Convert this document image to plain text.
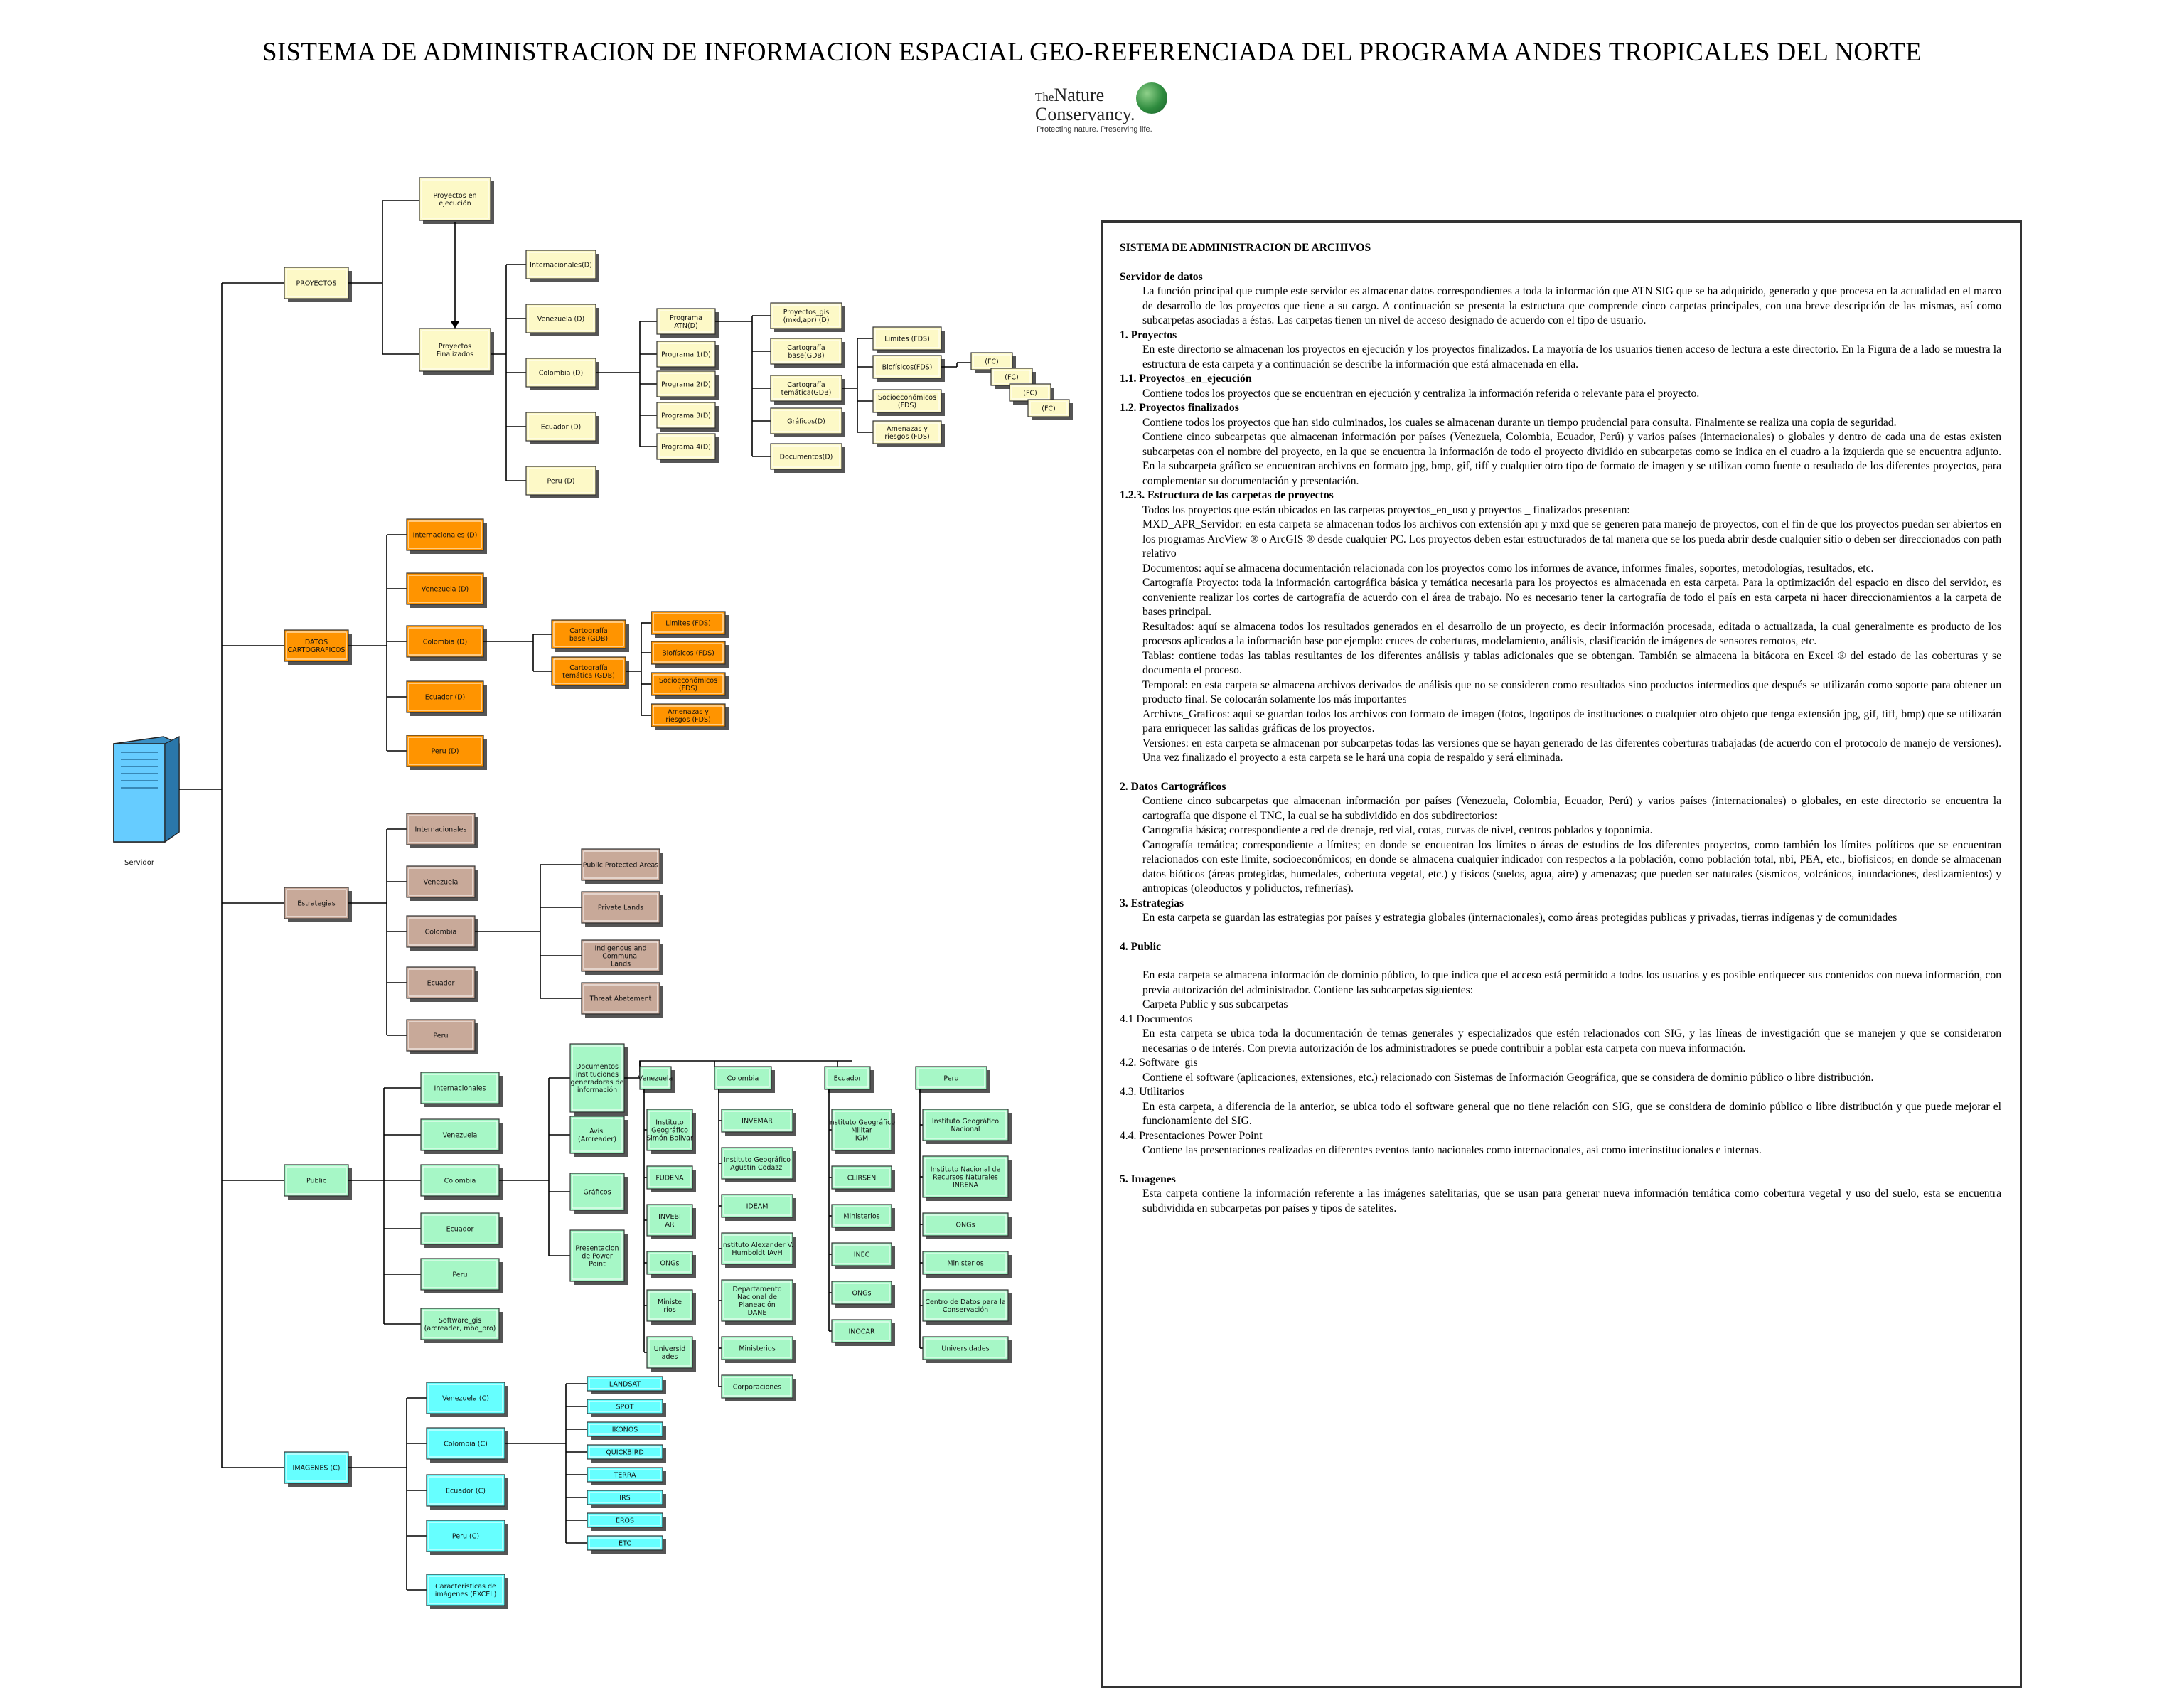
SISTEMA DE ADMINISTRACION DE INFORMACION ESPACIAL GEO-REFERENCIADA DEL PROGRAMA ANDES TROPICALES DEL NORTE
TheNature
Conservancy.
Protecting nature. Preserving life.
Servidor
PROYECTOS
DATOS
CARTOGRAFICOS
Estrategias
Public
IMAGENES (C)
Proyectos en
ejecución
Proyectos
Finalizados
Internacionales(D)
Venezuela (D)
Colombia (D)
Ecuador (D)
Peru (D)
Programa
ATN(D)
Programa 1(D)
Programa 2(D)
Programa 3(D)
Programa 4(D)
Proyectos_gis
(mxd,apr) (D)
Cartografía
base(GDB)
Cartografía
temática(GDB)
Gráficos(D)
Documentos(D)
Limites (FDS)
Biofísicos(FDS)
Socioeconómicos
(FDS)
Amenazas y
riesgos (FDS)
(FC)
(FC)
(FC)
(FC)
Internacionales (D)
Venezuela (D)
Colombia (D)
Ecuador (D)
Peru (D)
Cartografía
base (GDB)
Cartografía
temática (GDB)
Limites (FDS)
Biofísicos (FDS)
Socioeconómicos
(FDS)
Amenazas y
riesgos (FDS)
Internacionales
Venezuela
Colombia
Ecuador
Peru
Public Protected Areas
Private Lands
Indigenous and
Communal
Lands
Threat Abatement
Internacionales
Venezuela
Colombia
Ecuador
Peru
Software_gis
(arcreader, mbo_pro)
Documentos
instituciones
generadoras de
información
Avisi
(Arcreader)
Gráficos
Presentacion
de Power
Point
Venezuela
Instituto
Geográfico
Simón Bolivar
FUDENA
INVEBI
AR
ONGs
Ministe
rios
Universid
ades
Colombia
INVEMAR
Instituto Geográfico
Agustín Codazzi
IDEAM
Instituto Alexander V.
Humboldt IAvH
Departamento
Nacional de
Planeación
DANE
Ministerios
Corporaciones
Ecuador
Instituto Geográfico
Militar
IGM
CLIRSEN
Ministerios
INEC
ONGs
INOCAR
Peru
Instituto Geográfico
Nacional
Instituto Nacional de
Recursos Naturales
INRENA
ONGs
Ministerios
Centro de Datos para la
Conservación
Universidades
Venezuela (C)
Colombia (C)
Ecuador (C)
Peru (C)
Caracteristicas de
imágenes (EXCEL)
LANDSAT
SPOT
IKONOS
QUICKBIRD
TERRA
IRS
EROS
ETC

SISTEMA DE ADMINISTRACION DE ARCHIVOS

Servidor de datos

La función principal que cumple este servidor es almacenar datos correspondientes a toda la información que ATN SIG que se ha adquirido, generado y que procesa en la actualidad en el marco de desarrollo de los proyectos que tiene a su cargo. A continuación se presenta la estructura que comprende cinco carpetas principales, con una breve descripción de las mismas, así como subcarpetas asociadas a éstas. Las carpetas tienen un nivel de acceso designado de acuerdo con el tipo de usuario.

1. Proyectos

En este directorio se almacenan los proyectos en ejecución y los proyectos finalizados. La mayoría de los usuarios tienen acceso de lectura a este directorio. En la Figura de a lado se muestra la estructura de esta carpeta y a continuación se describe la información que está almacenada en ella.

1.1. Proyectos_en_ejecución

Contiene todos los proyectos que se encuentran en ejecución y centraliza la información referida o relevante para el proyecto.

1.2. Proyectos finalizados

Contiene todos los proyectos que han sido culminados, los cuales se almacenan durante un tiempo prudencial para consulta. Finalmente se realiza una copia de seguridad.

Contiene cinco subcarpetas que almacenan información por países (Venezuela, Colombia, Ecuador, Perú) y varios países (internacionales) o globales y dentro de cada una de estas existen subcarpetas con el nombre del proyecto, en la que se encuentra la información de todo el proyecto dividido en subcarpetas como se indica en el cuadro a la izquierda que se encuentra adjunto. En la subcarpeta gráfico se encuentran archivos en formato jpg, bmp, gif, tiff y cualquier otro tipo de formato de imagen y se utilizan como fuente o resultado de los diferentes proyectos, para complementar su documentación y presentación.

1.2.3. Estructura de las carpetas de proyectos

Todos los proyectos que están ubicados en las carpetas proyectos_en_uso y proyectos _ finalizados presentan:

MXD_APR_Servidor: en esta carpeta se almacenan todos los archivos con extensión apr y mxd que se generen para manejo de proyectos, con el fin de que los proyectos puedan ser abiertos en los programas ArcView ® o ArcGIS ® desde cualquier PC. Los proyectos deben estar estructurados de tal manera que se los pueda abrir desde cualquier sitio o deben ser direccionados con path relativo

Documentos: aquí se almacena documentación relacionada con los proyectos como los informes de avance, informes finales, soportes, metodologías, resultados, etc.

Cartografía Proyecto: toda la información cartográfica básica y temática necesaria para los proyectos es almacenada en esta carpeta. Para la optimización del espacio en disco del servidor, es conveniente realizar los cortes de cartografía de acuerdo con el área de trabajo. No es necesario tener la cartografía de todo el país en esta carpeta ni hacer direccionamientos a la carpeta de bases principal.

Resultados: aquí se almacena todos los resultados generados en el desarrollo de un proyecto, es decir información procesada, editada o actualizada, la cual generalmente es producto de los procesos aplicados a la información base por ejemplo: cruces de coberturas, modelamiento, análisis, clasificación de imágenes de sensores remotos, etc.

Tablas: contiene todas las tablas resultantes de los diferentes análisis y tablas adicionales que se obtengan. También se almacena la bitácora en Excel ® del estado de las coberturas y se documenta el proceso.

Temporal: en esta carpeta se almacena archivos derivados de análisis que no se consideren como resultados sino productos intermedios que después se utilizarán como soporte para obtener un producto final. Se colocarán solamente los más importantes

Archivos_Graficos: aquí se guardan todos los archivos con formato de imagen (fotos, logotipos de instituciones o cualquier otro objeto que tenga extensión jpg, gif, tiff, bmp) que se utilizarán para enriquecer las salidas gráficas de los proyectos.

Versiones: en esta carpeta se almacenan por subcarpetas todas las versiones que se hayan generado de las diferentes coberturas trabajadas (de acuerdo con el protocolo de manejo de versiones). Una vez finalizado el proyecto a esta carpeta se le hará una copia de respaldo y será eliminada.

2. Datos Cartográficos

Contiene cinco subcarpetas que almacenan información por países (Venezuela, Colombia, Ecuador, Perú) y varios países (internacionales) o globales, en este directorio se encuentra la cartografía que dispone el TNC, la cual se ha subdividido en dos subdirectorios:

Cartografía básica; correspondiente a red de drenaje, red vial, cotas, curvas de nivel, centros poblados y toponimia.

Cartografía temática; correspondiente a límites; en donde se encuentran los límites o áreas de estudios de los diferentes proyectos, como también los límites políticos que se encuentran relacionados con este límite, socioeconómicos; en donde se almacena cualquier indicador con respectos a la población, como población total, nbi, PEA, etc., biofísicos; en donde se almacenan datos bióticos (áreas protegidas, humedales, cobertura vegetal, etc.) y físicos (suelos, agua, aire) y amenazas; que pueden ser naturales (sísmicos, volcánicos, inundaciones, deslizamientos) y antropicas (oleoductos y poliductos, refinerías).

3. Estrategias

En esta carpeta se guardan las estrategias por países y estrategia globales (internacionales), como áreas protegidas publicas y privadas, tierras indígenas y de comunidades

4. Public

En esta carpeta se almacena información de dominio público, lo que indica que el acceso está permitido a todos los usuarios y es posible enriquecer sus contenidos con nueva información, con previa autorización del administrador. Contiene las subcarpetas siguientes:

Carpeta Public y sus subcarpetas

4.1 Documentos

En esta carpeta se ubica toda la documentación de temas generales y especializados que estén relacionados con SIG, y las líneas de investigación que se manejen y que se consideraron necesarias o de interés. Con previa autorización de los administradores se puede contribuir a poblar esta carpeta con nueva información.

4.2. Software_gis

Contiene el software (aplicaciones, extensiones, etc.) relacionado con Sistemas de Información Geográfica, que se considera de dominio público o libre distribución.

4.3. Utilitarios

En esta carpeta, a diferencia de la anterior, se ubica todo el software general que no tiene relación con SIG, que se considera de dominio público o libre distribución y que puede mejorar el funcionamiento del SIG.

4.4. Presentaciones Power Point

Contiene las presentaciones realizadas en diferentes eventos tanto nacionales como internacionales, así como interinstitucionales e internas.

5. Imagenes

Esta carpeta contiene la información referente a las imágenes satelitarias, que se usan para generar nueva información temática como cobertura vegetal y uso del suelo, esta se encuentra subdividida en subcarpetas por países y tipos de satelites.
